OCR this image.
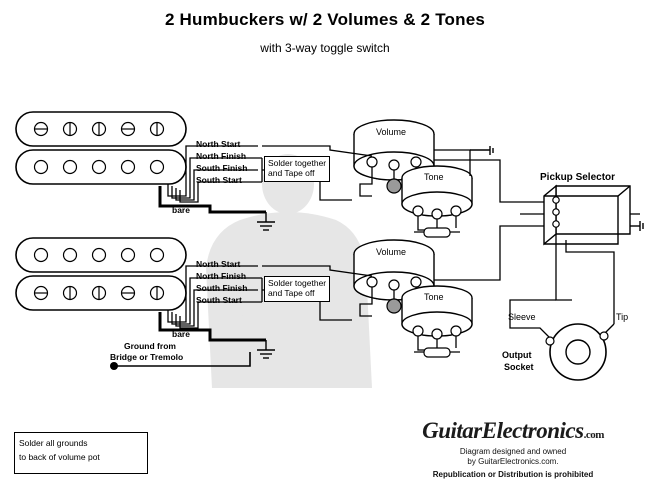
2 Humbuckers w/ 2 Volumes & 2 Tones
with 3-way toggle switch
North Start
North Finish
South Finish
South Start
bare
North Start
North Finish
South Finish
South Start
bare
Solder together
and Tape off
Solder together
and Tape off
Volume
Tone
Volume
Tone
Pickup Selector
Sleeve	Tip
Output
Socket
Ground from
Bridge or Tremolo
Solder all grounds
to back of volume pot
GuitarElectronics.com
Diagram designed and owned
by GuitarElectronics.com.
Republication or Distribution is prohibited
